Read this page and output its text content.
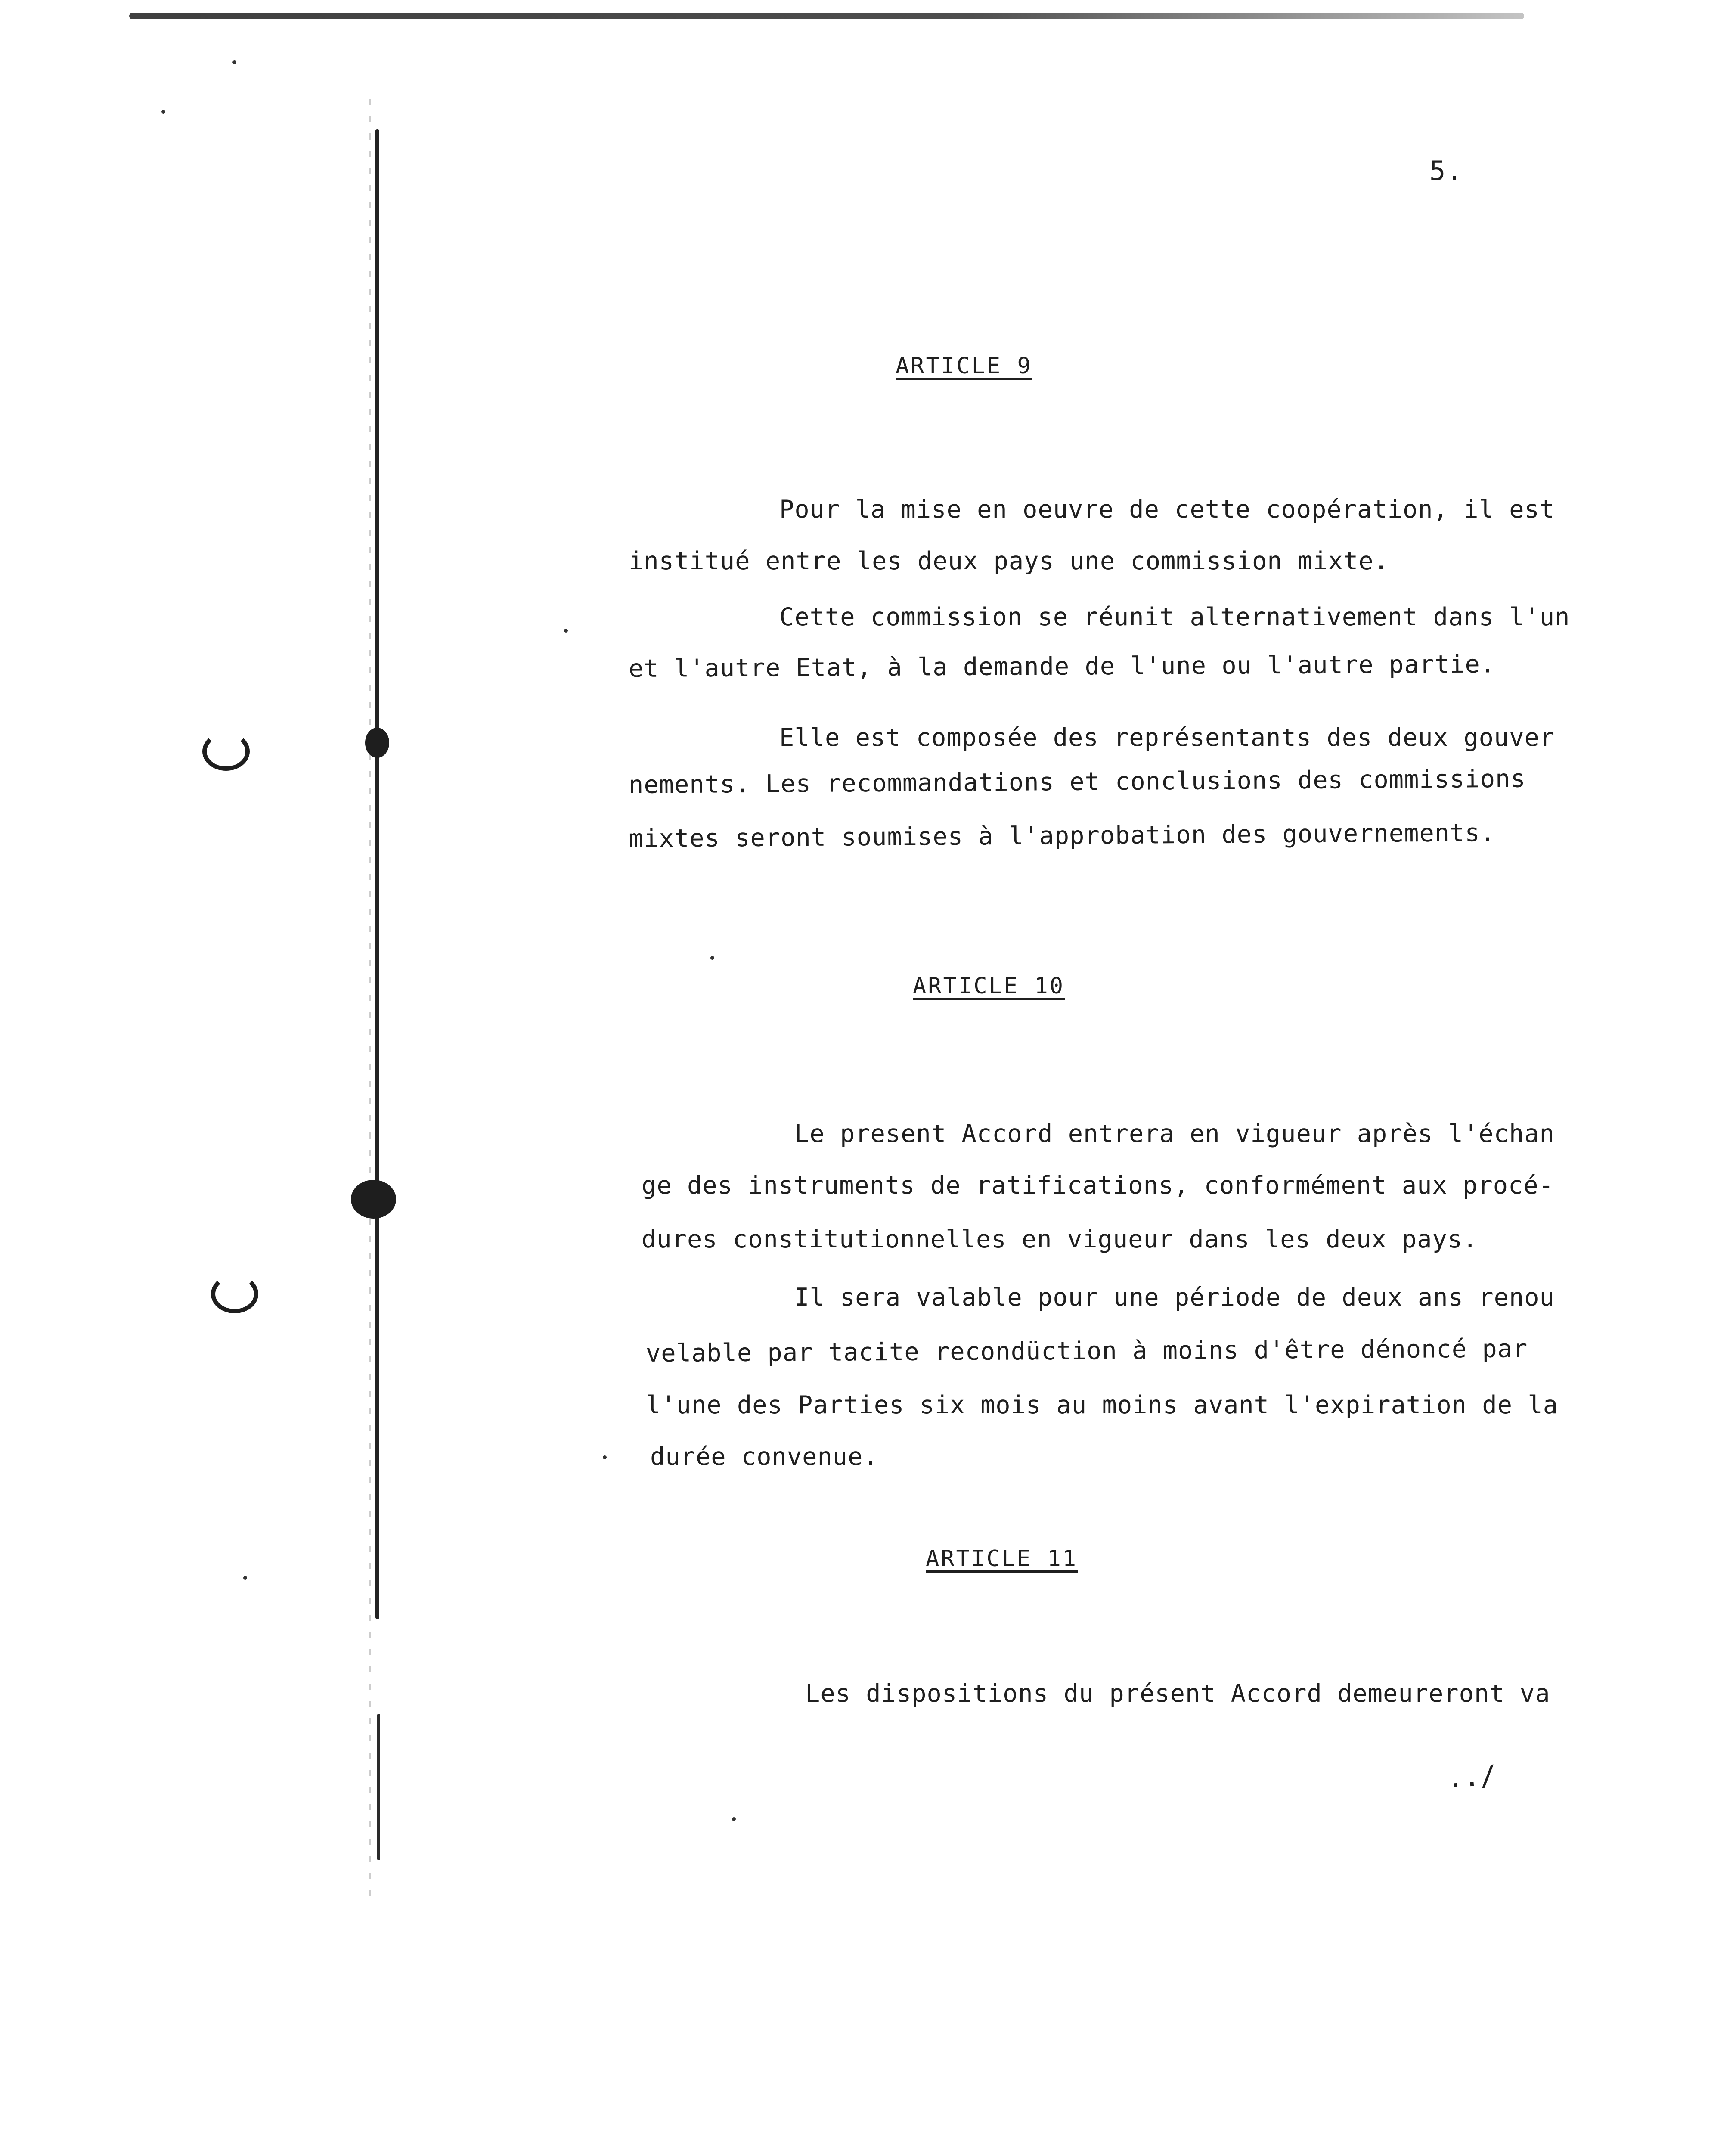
5.
ARTICLE 9
Pour la mise en oeuvre de cette coopération, il est
institué entre les deux pays une commission mixte.
Cette commission se réunit alternativement dans l'un
et l'autre Etat, à la demande de l'une ou l'autre partie.
Elle est composée des représentants des deux gouver
nements. Les recommandations et conclusions des commissions
mixtes seront soumises à l'approbation des gouvernements.
ARTICLE 10
Le present Accord entrera en vigueur après l'échan
ge des instruments de ratifications, conformément aux procé-
dures constitutionnelles en vigueur dans les deux pays.
Il sera valable pour une période de deux ans renou
velable par tacite recondüction à moins d'être dénoncé par
l'une des Parties six mois au moins avant l'expiration de la
durée convenue.
ARTICLE 11
Les dispositions du présent Accord demeureront va
../
